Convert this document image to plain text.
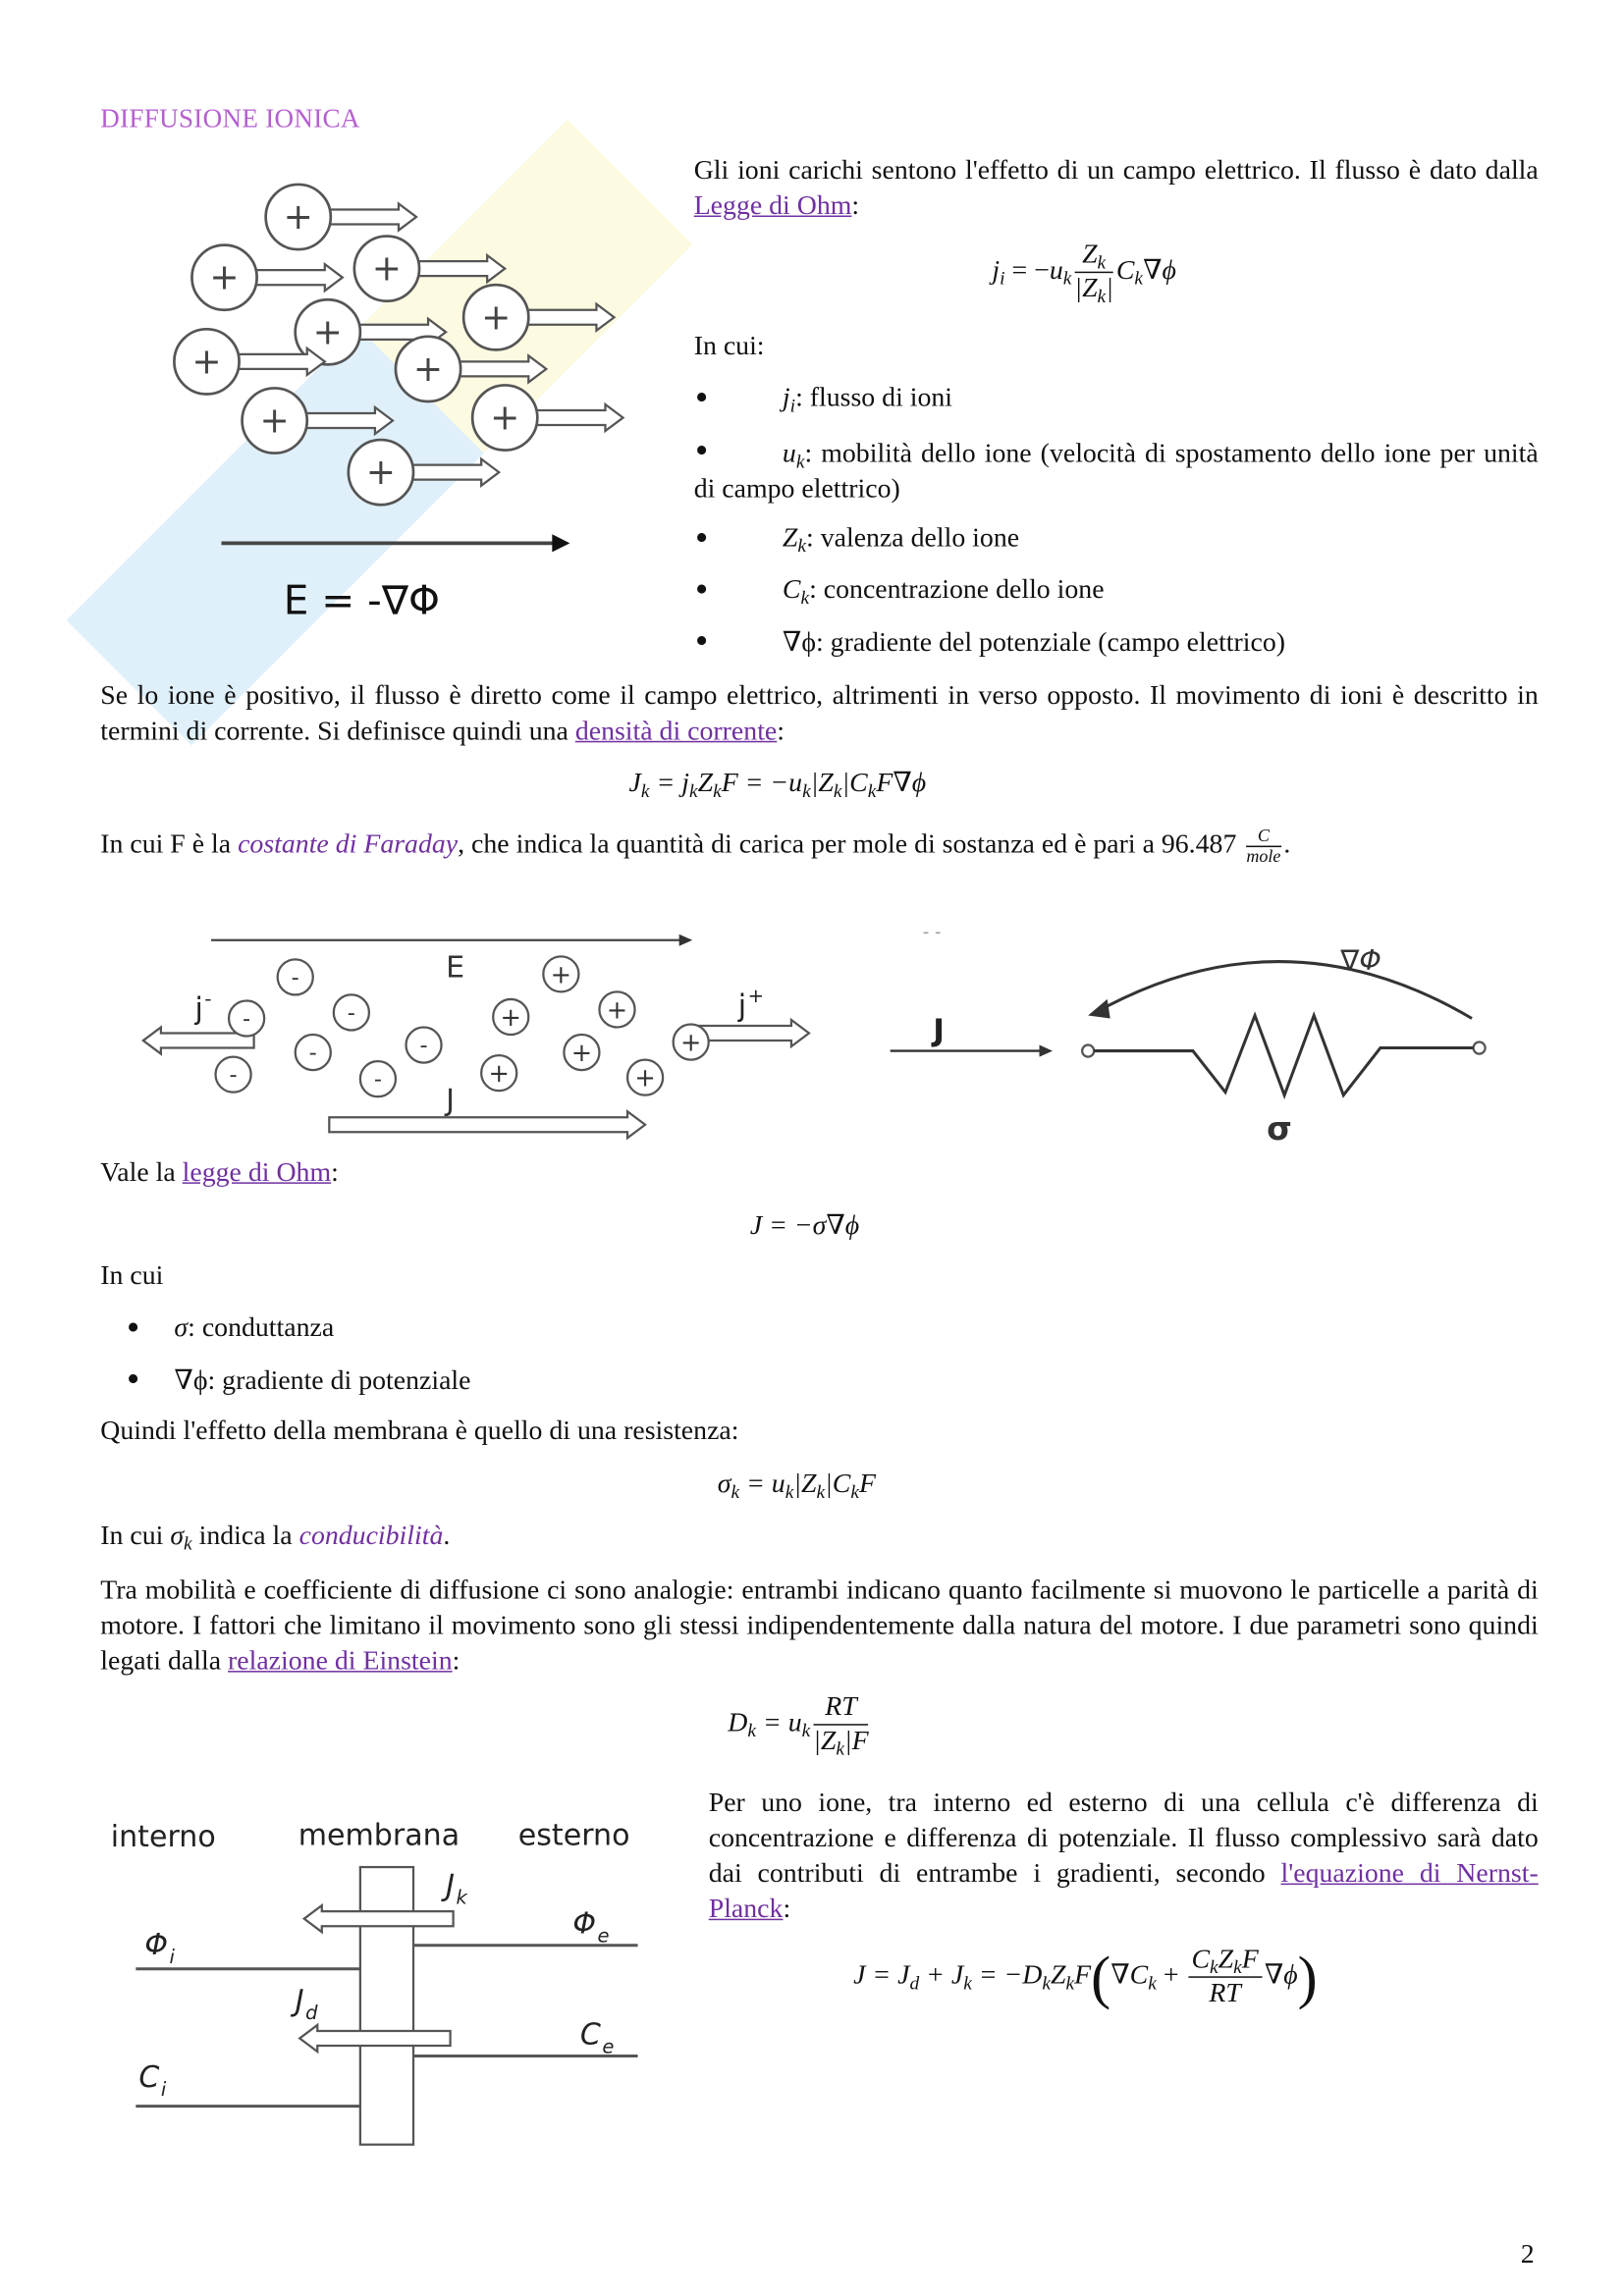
DIFFUSIONE IONICA
+
+	+
+	+
+	+
+	+
+
E = -∇Φ
Gli ioni carichi sentono l'effetto di un campo elettrico. Il flusso è dato dalla Legge di Ohm:
$j_i = -u_k \frac{Z_k}{|Z_k|} C_k\nabla\phi$
In cui:
●	$j_i$: flusso di ioni
●	$u_k$: mobilità dello ione (velocità di spostamento dello ione per unità di campo elettrico)
●	$Z_k$: valenza dello ione
●	$C_k$: concentrazione dello ione
●	∇ϕ: gradiente del potenziale (campo elettrico)
Se lo ione è positivo, il flusso è diretto come il campo elettrico, altrimenti in verso opposto. Il movimento di ioni è descritto in termini di corrente. Si definisce quindi una densità di corrente:
$J_k = j_kZ_kF = -u_k|Z_k|C_kF\nabla\phi$
In cui F è la costante di Faraday, che indica la quantità di carica per mole di sostanza ed è pari a $96.487 \frac{C}{\text{mole}}$ .
E
-
-	-
-	-
-	-
+
+
+
+
+	+
+
j -	j +
J
- -
J
∇Φ
σ
Vale la legge di Ohm:
J = −σ∇ϕ
In cui
● σ: conduttanza
● ∇ϕ: gradiente di potenziale
Quindi l'effetto della membrana è quello di una resistenza:
$\sigma_k = u_k|Z_k|C_kF$
In cui $\sigma_k$ indica la conducibilità.
Tra mobilità e coefficiente di diffusione ci sono analogie: entrambi indicano quanto facilmente si muovono le particelle a parità di motore. I fattori che limitano il movimento sono gli stessi indipendentemente dalla natura del motore. I due parametri sono quindi legati dalla relazione di Einstein:
$D_k = u_k \frac{RT}{|Z_k|F}$
interno	membrana	esterno
J $_k$
J $_d$
Φ $_i$
Φ $_e$
C $_i$
C $_e$
Per uno ione, tra interno ed esterno di una cellula c'è differenza di concentrazione e differenza di potenziale. Il flusso complessivo sarà dato dai contributi di entrambe i gradienti, secondo l'equazione di Nernst-Planck:
$J = J_d + J_k = -D_kZ_kF(\nabla C_k + \frac{C_kZ_kF}{RT} \nabla\phi)$
2
